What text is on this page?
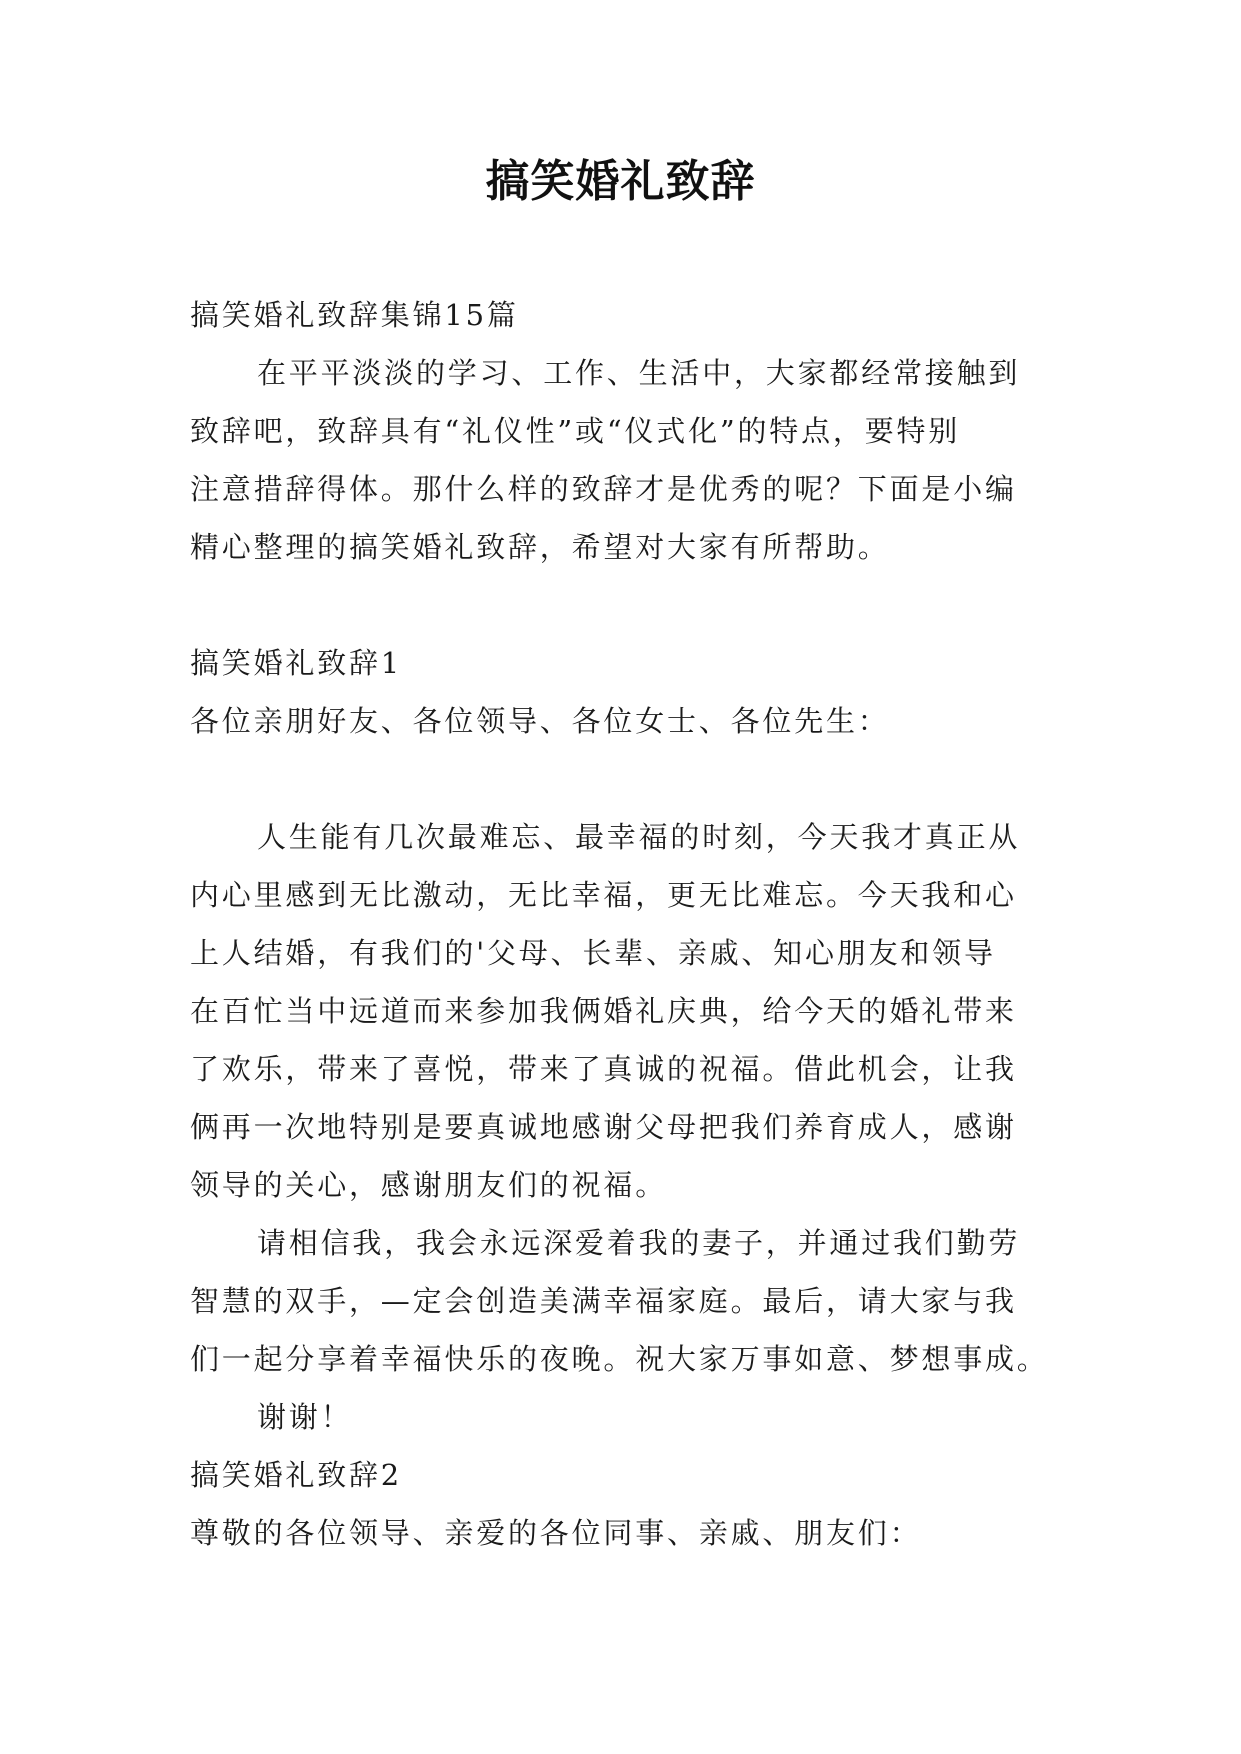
搞笑婚礼致辞
搞笑婚礼致辞集锦15篇
在平平淡淡的学习、工作、生活中，大家都经常接触到
致辞吧，致辞具有“礼仪性”或“仪式化”的特点，要特别
注意措辞得体。那什么样的致辞才是优秀的呢？下面是小编
精心整理的搞笑婚礼致辞，希望对大家有所帮助。
搞笑婚礼致辞1
各位亲朋好友、各位领导、各位女士、各位先生：
人生能有几次最难忘、最幸福的时刻，今天我才真正从
内心里感到无比激动，无比幸福，更无比难忘。今天我和心
上人结婚，有我们的'父母、长辈、亲戚、知心朋友和领导
在百忙当中远道而来参加我俩婚礼庆典，给今天的婚礼带来
了欢乐，带来了喜悦，带来了真诚的祝福。借此机会，让我
俩再一次地特别是要真诚地感谢父母把我们养育成人，感谢
领导的关心，感谢朋友们的祝福。
请相信我，我会永远深爱着我的妻子，并通过我们勤劳
智慧的双手，—定会创造美满幸福家庭。最后，请大家与我
们一起分享着幸福快乐的夜晚。祝大家万事如意、梦想事成。
谢谢！
搞笑婚礼致辞2
尊敬的各位领导、亲爱的各位同事、亲戚、朋友们：
